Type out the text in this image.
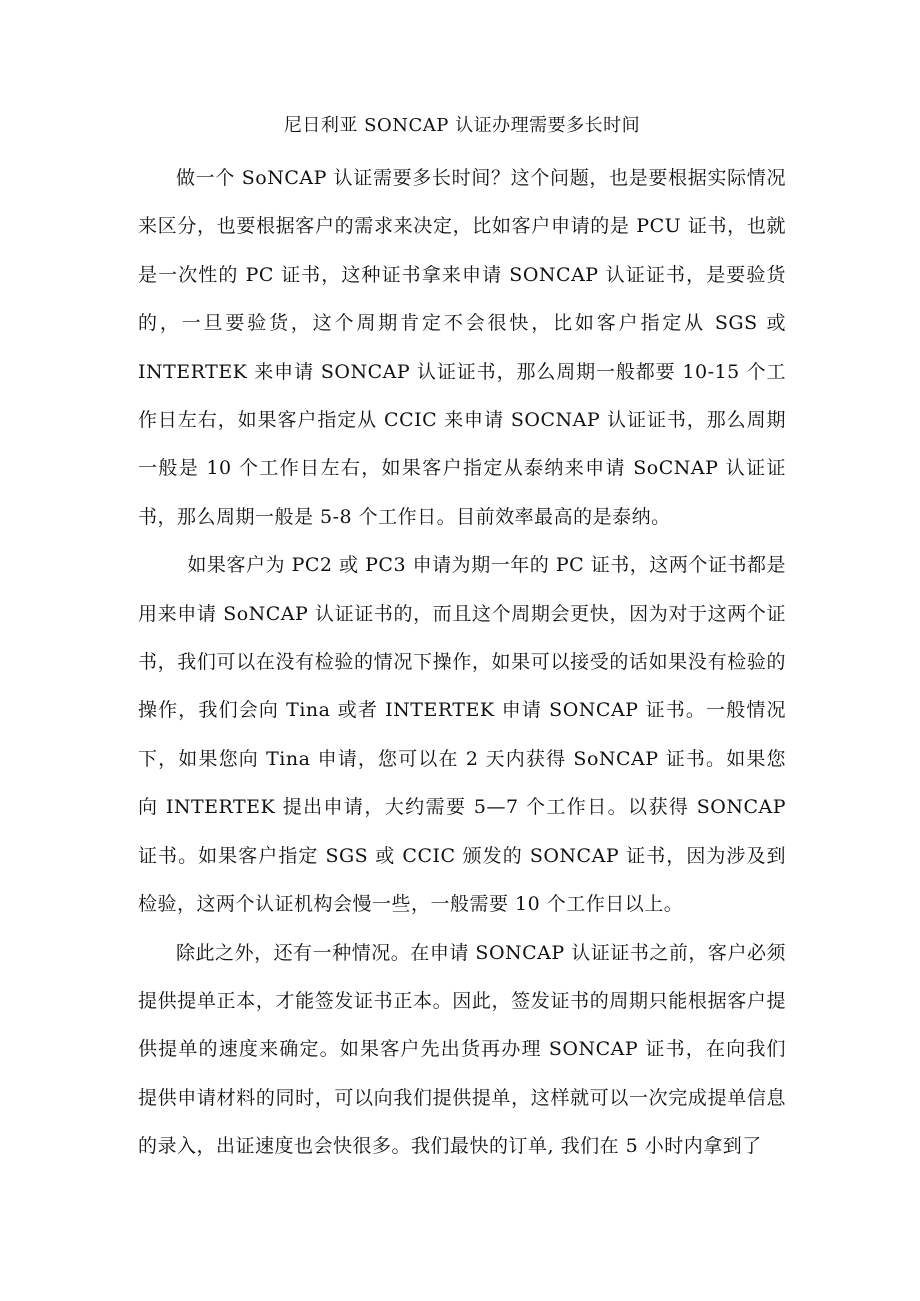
尼日利亚 SONCAP 认证办理需要多长时间

做一个 SoNCAP 认证需要多长时间？这个问题，也是要根据实际情况来区分，也要根据客户的需求来决定，比如客户申请的是 PCU 证书，也就是一次性的 PC 证书，这种证书拿来申请 SONCAP 认证证书，是要验货的，一旦要验货，这个周期肯定不会很快，比如客户指定从 SGS 或 INTERTEK 来申请 SONCAP 认证证书，那么周期一般都要 10-15 个工作日左右，如果客户指定从 CCIC 来申请 SOCNAP 认证证书，那么周期一般是 10 个工作日左右，如果客户指定从泰纳来申请 SoCNAP 认证证书，那么周期一般是 5-8 个工作日。目前效率最高的是泰纳。

如果客户为 PC2 或 PC3 申请为期一年的 PC 证书，这两个证书都是用来申请 SoNCAP 认证证书的，而且这个周期会更快，因为对于这两个证书，我们可以在没有检验的情况下操作，如果可以接受的话如果没有检验的操作，我们会向 Tina 或者 INTERTEK 申请 SONCAP 证书。一般情况下，如果您向 Tina 申请，您可以在 2 天内获得 SoNCAP 证书。如果您向 INTERTEK 提出申请，大约需要 5—7 个工作日。以获得 SONCAP 证书。如果客户指定 SGS 或 CCIC 颁发的 SONCAP 证书，因为涉及到检验，这两个认证机构会慢一些，一般需要 10 个工作日以上。

除此之外，还有一种情况。在申请 SONCAP 认证证书之前，客户必须提供提单正本，才能签发证书正本。因此，签发证书的周期只能根据客户提供提单的速度来确定。如果客户先出货再办理 SONCAP 证书，在向我们提供申请材料的同时，可以向我们提供提单，这样就可以一次完成提单信息的录入，出证速度也会快很多。我们最快的订单, 我们在 5 小时内拿到了
